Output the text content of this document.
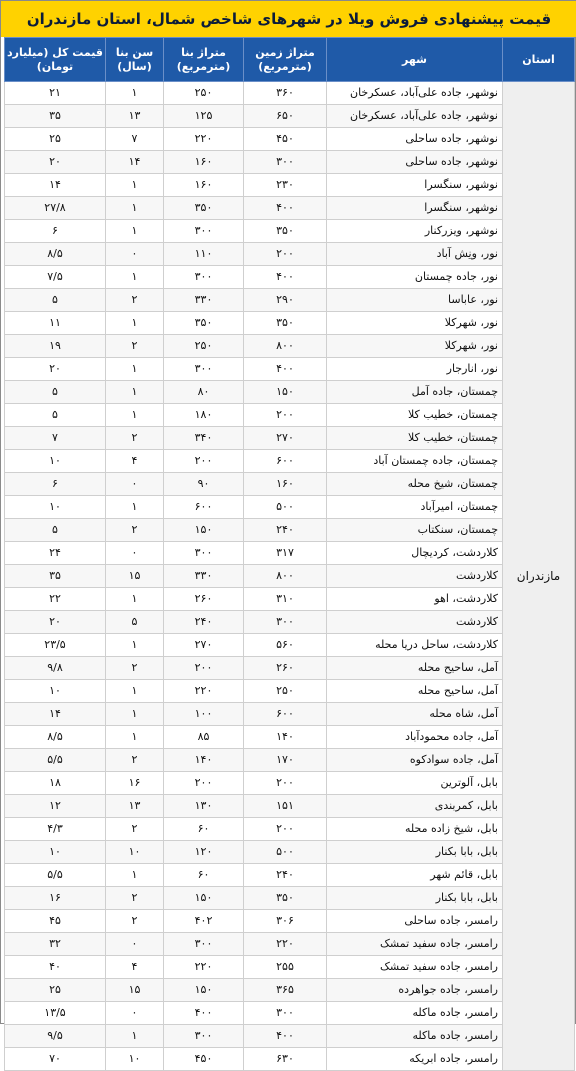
قیمت پیشنهادی فروش ویلا در شهرهای شاخص شمال، استان مازندران
استان	شهر	متراژ زمین (مترمربع)	متراژ بنا (مترمربع)	سن بنا (سال)	قیمت کل (میلیارد تومان)
مازندران	نوشهر، جاده علی‌آباد، عسکرخان	۳۶۰	۲۵۰	۱	۲۱
	نوشهر، جاده علی‌آباد، عسکرخان	۶۵۰	۱۲۵	۱۳	۳۵
	نوشهر، جاده ساحلی	۴۵۰	۲۲۰	۷	۲۵
	نوشهر، جاده ساحلی	۳۰۰	۱۶۰	۱۴	۲۰
	نوشهر، سنگسرا	۲۳۰	۱۶۰	۱	۱۴
	نوشهر، سنگسرا	۴۰۰	۳۵۰	۱	۲۷/۸
	نوشهر، ویزرکنار	۳۵۰	۳۰۰	۱	۶
	نور، ونِش آباد	۲۰۰	۱۱۰	۰	۸/۵
	نور، جاده چمستان	۴۰۰	۳۰۰	۱	۷/۵
	نور، عاباسا	۲۹۰	۳۳۰	۲	۵
	نور، شهرکلا	۳۵۰	۳۵۰	۱	۱۱
	نور، شهرکلا	۸۰۰	۲۵۰	۲	۱۹
	نور، انارجار	۴۰۰	۳۰۰	۱	۲۰
	چمستان، جاده آمل	۱۵۰	۸۰	۱	۵
	چمستان، خطیب کلا	۲۰۰	۱۸۰	۱	۵
	چمستان، خطیب کلا	۲۷۰	۳۴۰	۲	۷
	چمستان، جاده چمستان آباد	۶۰۰	۲۰۰	۴	۱۰
	چمستان، شیخ محله	۱۶۰	۹۰	۰	۶
	چمستان، امیرآباد	۵۰۰	۶۰۰	۱	۱۰
	چمستان، سنکتاب	۲۴۰	۱۵۰	۲	۵
	کلاردشت، کردیچال	۳۱۷	۳۰۰	۰	۲۴
	کلاردشت	۸۰۰	۳۳۰	۱۵	۳۵
	کلاردشت، اهو	۳۱۰	۲۶۰	۱	۲۲
	کلاردشت	۳۰۰	۲۴۰	۵	۲۰
	کلاردشت، ساحل دریا محله	۵۶۰	۲۷۰	۱	۲۳/۵
	آمل، ساحیح محله	۲۶۰	۲۰۰	۲	۹/۸
	آمل، ساحیح محله	۲۵۰	۲۲۰	۱	۱۰
	آمل، شاه محله	۶۰۰	۱۰۰	۱	۱۴
	آمل، جاده محمودآباد	۱۴۰	۸۵	۱	۸/۵
	آمل، جاده سوادکوه	۱۷۰	۱۴۰	۲	۵/۵
	بابل، آلوترین	۲۰۰	۲۰۰	۱۶	۱۸
	بابل، کمربندی	۱۵۱	۱۳۰	۱۳	۱۲
	بابل، شیخ زاده محله	۲۰۰	۶۰	۲	۴/۳
	بابل، بابا بکنار	۵۰۰	۱۲۰	۱۰	۱۰
	بابل، قائم شهر	۲۴۰	۶۰	۱	۵/۵
	بابل، بابا بکنار	۳۵۰	۱۵۰	۲	۱۶
	رامسر، جاده ساحلی	۳۰۶	۴۰۲	۲	۴۵
	رامسر، جاده سفید تمشک	۲۲۰	۳۰۰	۰	۳۲
	رامسر، جاده سفید تمشک	۲۵۵	۲۲۰	۴	۴۰
	رامسر، جاده جواهرده	۳۶۵	۱۵۰	۱۵	۲۵
	رامسر، جاده ماکله	۳۰۰	۴۰۰	۰	۱۳/۵
	رامسر، جاده ماکله	۴۰۰	۳۰۰	۱	۹/۵
	رامسر، جاده ابریکه	۶۳۰	۴۵۰	۱۰	۷۰
